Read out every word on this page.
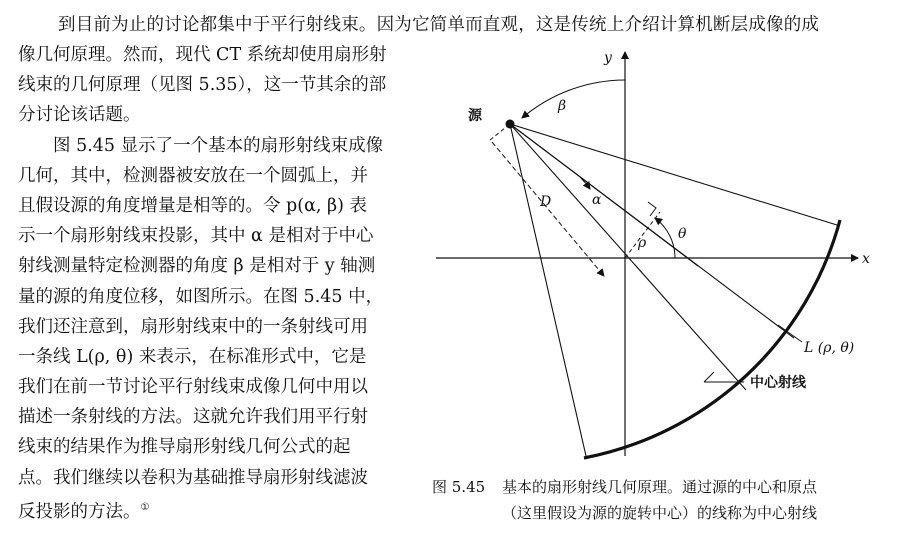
到目前为止的讨论都集中于平行射线束。因为它简单而直观，这是传统上介绍计算机断层成像的成
像几何原理。然而，现代 CT 系统却使用扇形射
线束的几何原理（见图 5.35），这一节其余的部
分讨论该话题。
　　图 5.45 显示了一个基本的扇形射线束成像
几何，其中，检测器被安放在一个圆弧上，并
且假设源的角度增量是相等的。令 p(α, β) 表
示一个扇形射线束投影，其中 α 是相对于中心
射线测量特定检测器的角度 β 是相对于 y 轴测
量的源的角度位移，如图所示。在图 5.45 中，
我们还注意到，扇形射线束中的一条射线可用
一条线 L(ρ, θ) 来表示，在标准形式中，它是
我们在前一节讨论平行射线束成像几何中用以
描述一条射线的方法。这就允许我们用平行射
线束的结果作为推导扇形射线几何公式的起
点。我们继续以卷积为基础推导扇形射线滤波
反投影的方法。①
x
y
L (ρ, θ)
ρ
θ
α
D
β
源
中心射线
图 5.45 基本的扇形射线几何原理。通过源的中心和原点
（这里假设为源的旋转中心）的线称为中心射线
